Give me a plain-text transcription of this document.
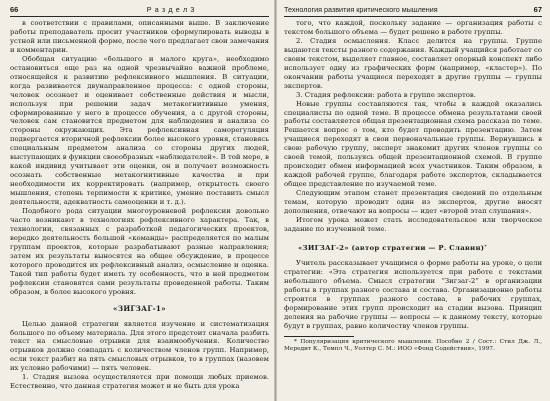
66	Р а з д е л 3

в соответствии с правилами, описанными выше. В заключение работы преподаватель просит участников сформулировать выводы в устной или письменной форме, после чего предлагает свои замечания и комментарии.

Обобщая ситуацию «большого и малого круга», необходимо остановиться еще раз на одной чрезвычайно важной проблеме, относящейся к развитию рефлексивного мышления. В ситуации, когда развивается двунаправленное процесса: с одной стороны, человек осознает и оценивает собственные действия и мысли, используя при решении задач метакогнитивные умения, сформированные у него в процессе обучения, а с другой стороны, человек сам становится предметом для наблюдения и анализа со стороны окружающих. Эта рефлексивная саморегуляция подвергается вторичной рефлексии более высокого уровня, становясь специальным предметом анализа со стороны других людей, выступающих в функции своеобразных «наблюдателей». В той мере, в какой индивид учитывает эти оценки, он и получает возможность осознать собственные метакогнитивные качества и при необходимости их корректировать (например, открытость своего мышления, степень терпимости к критике, умение поставить смысл деятельности, адекватность самооценки и т. д.).

Подобного рода ситуации многоуровневой рефлексии довольно часто возникают в технологиях рефлексивного характера. Так, в технологии, связанных с разработкой педагогических проектов, вередко деятельность большой «команды» распределяется по малым группам проектов, которые разрабатывают разные направления; затем их результаты выносятся на общее обсуждение, в процессе которого проводится их рефлексивный анализ, осмысление и оценка. Такой тип работы будет иметь ту особенность, что в ней предметом рефлексии становятся сами результаты проведенной работы. Таким образом, в более высокого уровня.

«ЗИГЗАГ-1»

Целью данной стратегии является изучение и систематизация большого по объему материала. Для этого предстоит сначала разбить текст на смысловые отрывки для взаимообучения. Количество отрывков должно совпадать с количеством членов групп. Например, если текст разбит на пять смысловых отрывков, то в группах (назовем их условно рабочими) — пять человек.

1. Стадия вызова осуществляется при помощи любых приемов. Естественно, что данная стратегия может и не быть для урока

Технология развития критического мышления	67

того, что каждой, поскольку задание — организация работы с текстом большого объема — будет решено в работе группы.

2. Стадия осмысления. Класс делится на группы. Группе выдаются тексты разного содержания. Каждый учащийся работает со своим текстом, выделяет главное, составляет опорный конспект либо использует одну из графических форм (например, «кластер»). По окончании работы учащиеся переходят в другие группы — группы экспертов.

3. Стадия рефлексии: работа в группе экспертов.

Новые группы составляются так, чтобы в каждой оказались специалисты по одной теме. В процессе обмена результатами своей работы составляется общая презентационная схема рассказа по теме. Решается вопрос о том, кто будет проводить презентацию. Затем учащиеся переходят в свои первоначальные группы. Вернувшись в свою рабочую группу, эксперт знакомит других членов группы со своей темой, пользуясь общей презентационной схемой. В группе происходит обмен информацией всех участников. Таким образом, в каждой рабочей группе, благодаря работе экспертов, складывается общее представление по изучаемой теме.

Следующим этапом станет презентация сведений по отдельным темам, которую проводит один из экспертов, другие вносят дополнения, отвечают на вопросы — идет «второй этап слушания».

Итогом урока может стать исследовательское или творческое задание по изученной теме.

«ЗИГЗАГ-2» (автор стратегии — Р. Славин)*

Учитель рассказывает учащимся о форме работы на уроке, о цели стратегии: «Эта стратегия используется при работе с текстами небольшого объема. Смысл стратегии “Зигзаг-2” в организации работы в группах разного состава и состава. Организационно работы строится в группах разного состава, в рабочих группах, формирование этих групп происходит на стадии вызова. Принцип деления на рабочие группы — вопросы — к данному тексту, которые будут в группах, равно количеству членов группы.

* Популяризация критического мышления. Пособие 2 / Сост.: Стил Дж. Л., Мередит К., Темпл Ч., Уолтер С. М.: ИОО «Фонд Содействия», 1997.
